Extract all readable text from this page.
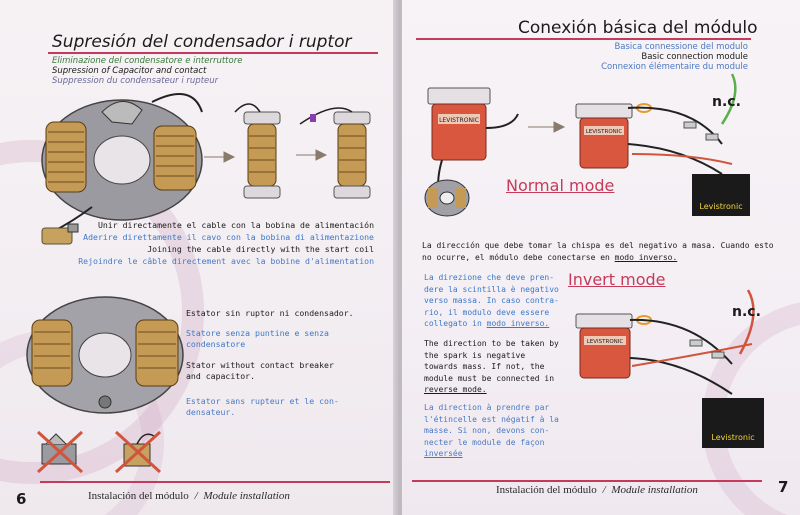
Supresión del condensador i ruptor
Eliminazione del condensatore e interruttore
Supression of Capacitor and contact
Suppression du condensateur i rupteur
Unir directamente el cable con la bobina de alimentación
Aderire direttamente il cavo con la bobina di alimentazione
Joining the cable directly with the start coil
Rejoindre le câble directement avec la bobine d'alimentation
Estator sin ruptor ni condensador.
Statore senza puntine e senza
condensatore
Stator without contact breaker
and capacitor.
Estator sans rupteur et le con-
densateur.
6	Instalación del módulo / Module installation
Conexión básica del módulo
Basica connessione del modulo
Basic connection module
Connexion élémentaire du module
LEVISTRONIC
LEVISTRONIC
Levistronic
n.c.
Normal mode
La dirección que debe tomar la chispa es del negativo a masa. Cuando esto
no ocurre, el módulo debe conectarse en modo inverso.
La direzione che deve pren-
dere la scintilla è negativo
verso massa. In caso contra-
rio, il modulo deve essere
collegato in modo inverso.
Invert mode
The direction to be taken by
the spark is negative
towards mass. If not, the
module must be connected in
reverse mode.
La direction à prendre par
l'étincelle est négatif à la
masse. Si non, devons con-
necter le module de façon
inversée
LEVISTRONIC
Levistronic
n.c.
Instalación del módulo / Module installation	7
